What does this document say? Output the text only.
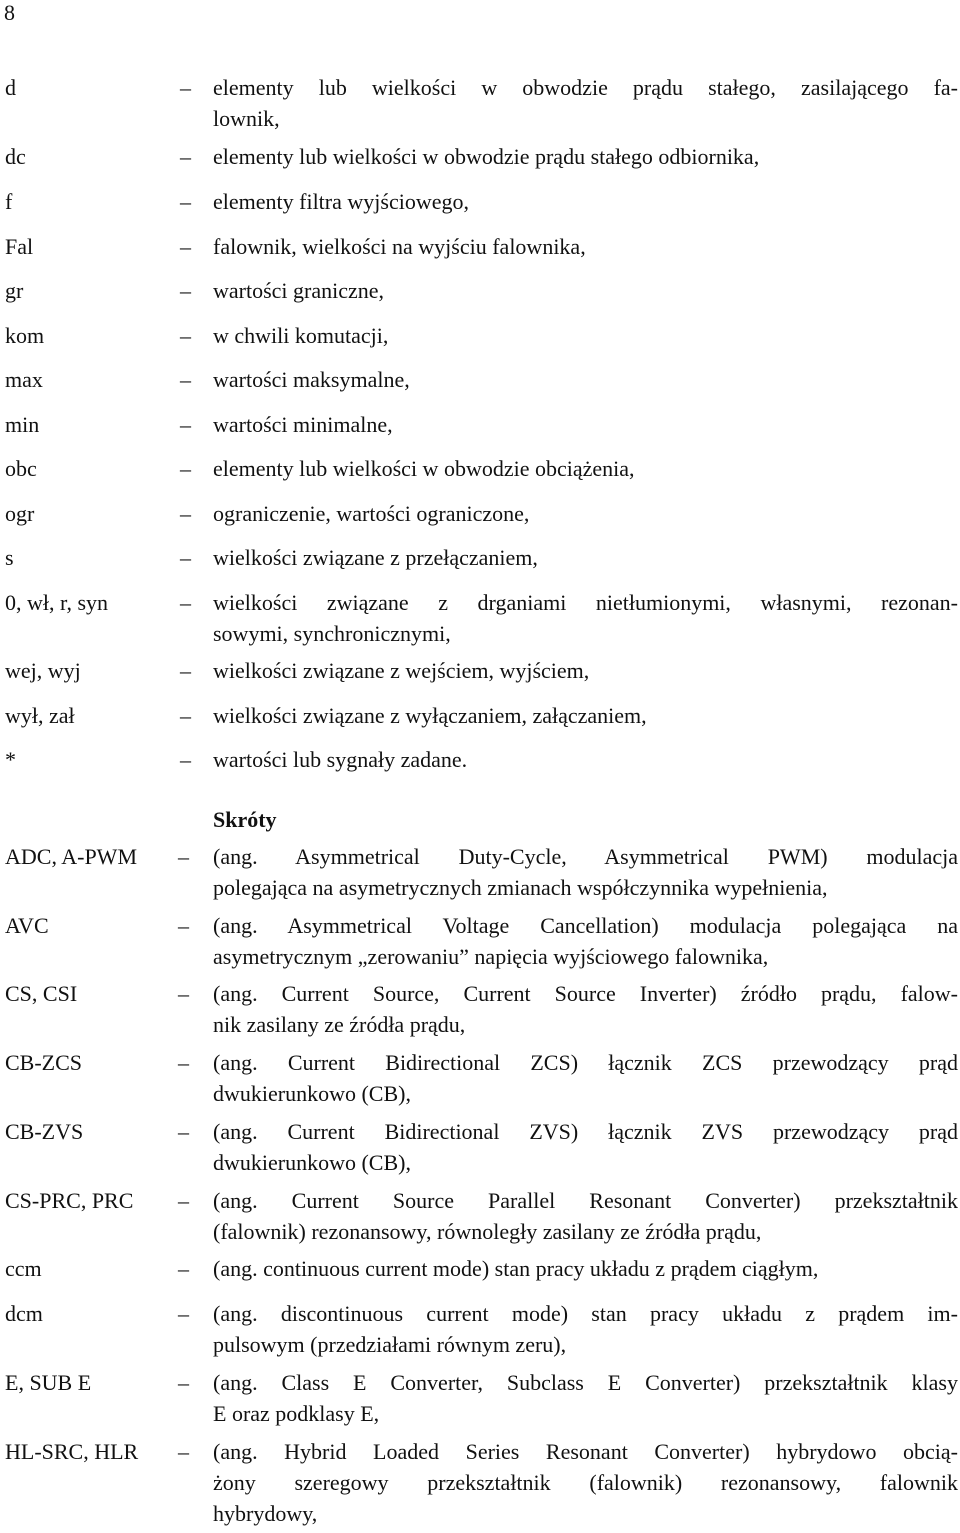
8
d	– elementy lub wielkości w obwodzie prądu stałego, zasilającego fa-
lownik,
dc	– elementy lub wielkości w obwodzie prądu stałego odbiornika,
f	– elementy filtra wyjściowego,
Fal	– falownik, wielkości na wyjściu falownika,
gr	– wartości graniczne,
kom	– w chwili komutacji,
max	– wartości maksymalne,
min	– wartości minimalne,
obc	– elementy lub wielkości w obwodzie obciążenia,
ogr	– ograniczenie, wartości ograniczone,
s	– wielkości związane z przełączaniem,
0, wł, r, syn	– wielkości związane z drganiami nietłumionymi, własnymi, rezonan-
sowymi, synchronicznymi,
wej, wyj	– wielkości związane z wejściem, wyjściem,
wył, zał	– wielkości związane z wyłączaniem, załączaniem,
*	– wartości lub sygnały zadane.
Skróty
ADC, A-PWM – (ang. Asymmetrical Duty-Cycle, Asymmetrical PWM) modulacja
polegająca na asymetrycznych zmianach współczynnika wypełnienia,
AVC	– (ang. Asymmetrical Voltage Cancellation) modulacja polegająca na
asymetrycznym „zerowaniu” napięcia wyjściowego falownika,
CS, CSI	– (ang. Current Source, Current Source Inverter) źródło prądu, falow-
nik zasilany ze źródła prądu,
CB-ZCS	– (ang. Current Bidirectional ZCS) łącznik ZCS przewodzący prąd
dwukierunkowo (CB),
CB-ZVS	– (ang. Current Bidirectional ZVS) łącznik ZVS przewodzący prąd
dwukierunkowo (CB),
CS-PRC, PRC – (ang. Current Source Parallel Resonant Converter) przekształtnik
(falownik) rezonansowy, równoległy zasilany ze źródła prądu,
ccm	– (ang. continuous current mode) stan pracy układu z prądem ciągłym,
dcm	– (ang. discontinuous current mode) stan pracy układu z prądem im-
pulsowym (przedziałami równym zeru),
E, SUB E	– (ang. Class E Converter, Subclass E Converter) przekształtnik klasy
E oraz podklasy E,
HL-SRC, HLR – (ang. Hybrid Loaded Series Resonant Converter) hybrydowo obcią-
żony szeregowy przekształtnik (falownik) rezonansowy, falownik
hybrydowy,
